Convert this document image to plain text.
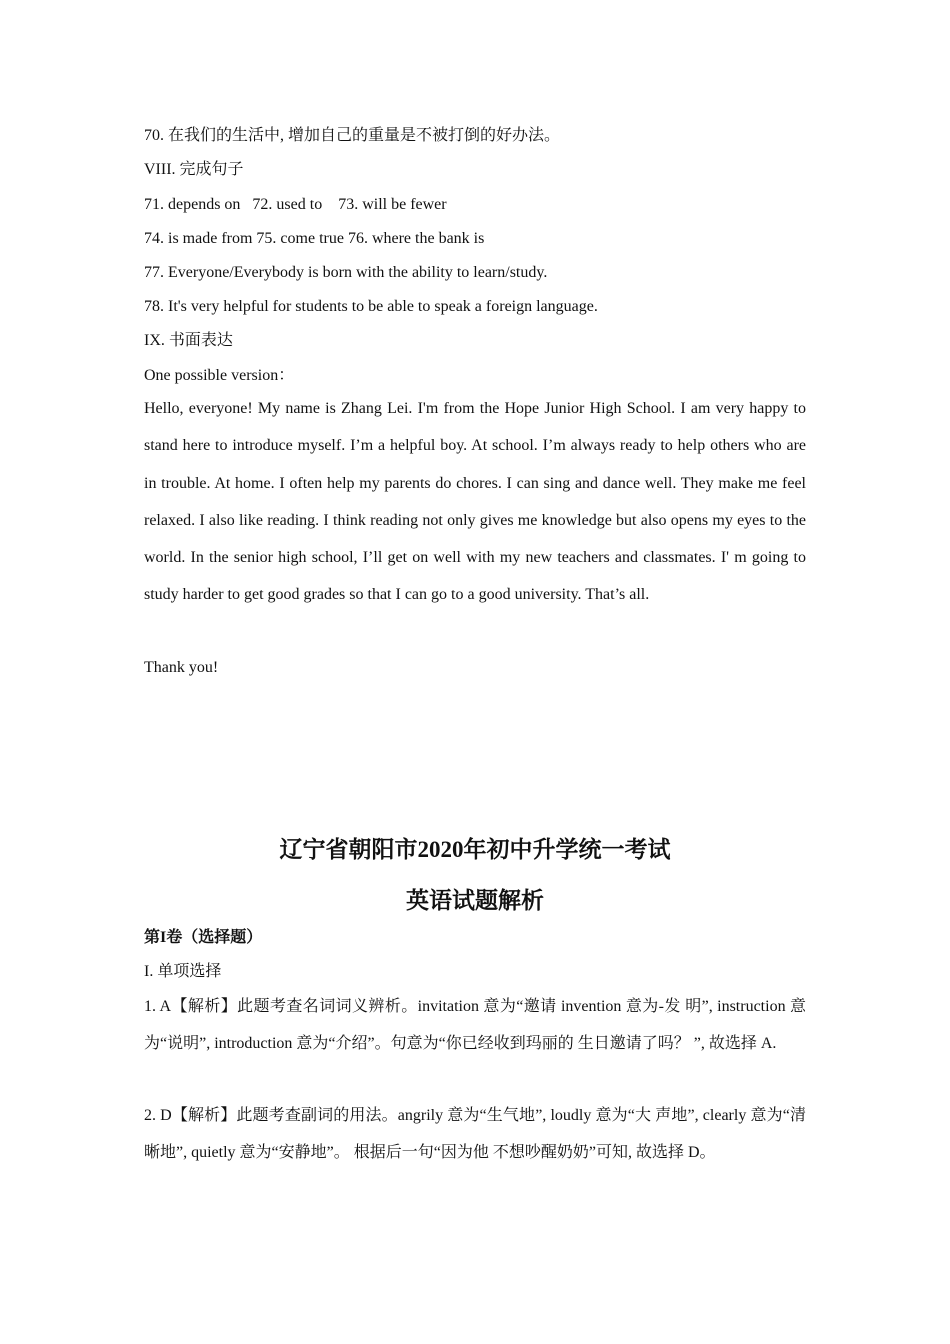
70. 在我们的生活中, 增加自己的重量是不被打倒的好办法。
VIII. 完成句子
71. depends on   72. used to    73. will be fewer
74. is made from 75. come true 76. where the bank is
77. Everyone/Everybody is born with the ability to learn/study.
78. It's very helpful for students to be able to speak a foreign language.
IX. 书面表达
One possible version：
Hello, everyone! My name is Zhang Lei. I'm from the Hope Junior High School. I am very happy to stand here to introduce myself. I’m a helpful boy. At school. I’m always ready to help others who are in trouble. At home. I often help my parents do chores. I can sing and dance well. They make me feel relaxed. I also like reading. I think reading not only gives me knowledge but also opens my eyes to the world. In the senior high school, I’ll get on well with my new teachers and classmates. I' m going to study harder to get good grades so that I can go to a good university. That’s all.
Thank you!
辽宁省朝阳市2020年初中升学统一考试
英语试题解析
第I卷（选择题）
I. 单项选择
1. A【解析】此题考查名词词义辨析。invitation 意为“邀请 invention 意为-发 明”, instruction 意为“说明”, introduction 意为“介绍”。句意为“你已经收到玛丽的 生日邀请了吗？ ”, 故选择 A.
2. D【解析】此题考查副词的用法。angrily 意为“生气地”, loudly 意为“大 声地”, clearly 意为“清晰地”, quietly 意为“安静地”。 根据后一句“因为他 不想吵醒奶奶”可知, 故选择 D。
